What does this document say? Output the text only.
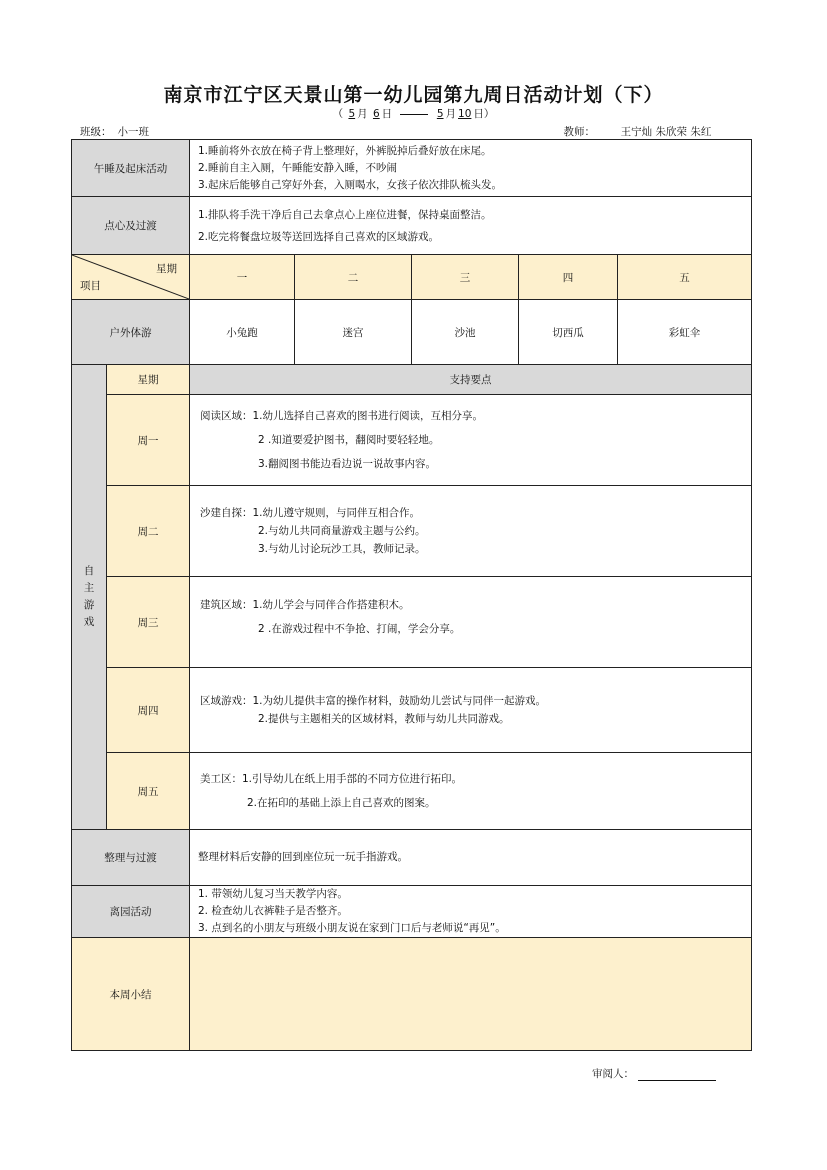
南京市江宁区天景山第一幼儿园第九周日活动计划（下）
（ 5 月 6 日	5 月 10 日）
班级： 小一班	教师： 王宁灿 朱欣荣 朱红
午睡及起床活动		1.睡前将外衣放在椅子背上整理好，外裤脱掉后叠好放在床尾。
2.睡前自主入厕，午睡能安静入睡，不吵闹
3.起床后能够自己穿好外套，入厕喝水，女孩子依次排队梳头发。				

点心及过渡		1.排队将手洗干净后自己去拿点心上座位进餐，保持桌面整洁。
2.吃完将餐盘垃圾等送回选择自己喜欢的区域游戏。				

星期
项目		一	二	三	四	五
户外体游		小兔跑	迷宫	沙池	切西瓜	彩虹伞

自主游戏	星期	支持要点				
	周一	阅读区域：1.幼儿选择自己喜欢的图书进行阅读，互相分享。
2 .知道要爱护图书，翻阅时要轻轻地。
3.翻阅图书能边看边说一说故事内容。				

	周二	沙建自探：1.幼儿遵守规则，与同伴互相合作。
2.与幼儿共同商量游戏主题与公约。
3.与幼儿讨论玩沙工具，教师记录。				

	周三	建筑区域：1.幼儿学会与同伴合作搭建积木。
2 .在游戏过程中不争抢、打闹，学会分享。				

	周四	区域游戏：1.为幼儿提供丰富的操作材料，鼓励幼儿尝试与同伴一起游戏。
2.提供与主题相关的区域材料，教师与幼儿共同游戏。				

	周五	美工区：1.引导幼儿在纸上用手部的不同方位进行拓印。
2.在拓印的基础上添上自己喜欢的图案。				

整理与过渡		整理材料后安静的回到座位玩一玩手指游戏。				
离园活动		1. 带领幼儿复习当天教学内容。
2. 检查幼儿衣裤鞋子是否整齐。
3. 点到名的小朋友与班级小朋友说在家到门口后与老师说“再见”。				

本周小结						
审阅人：
